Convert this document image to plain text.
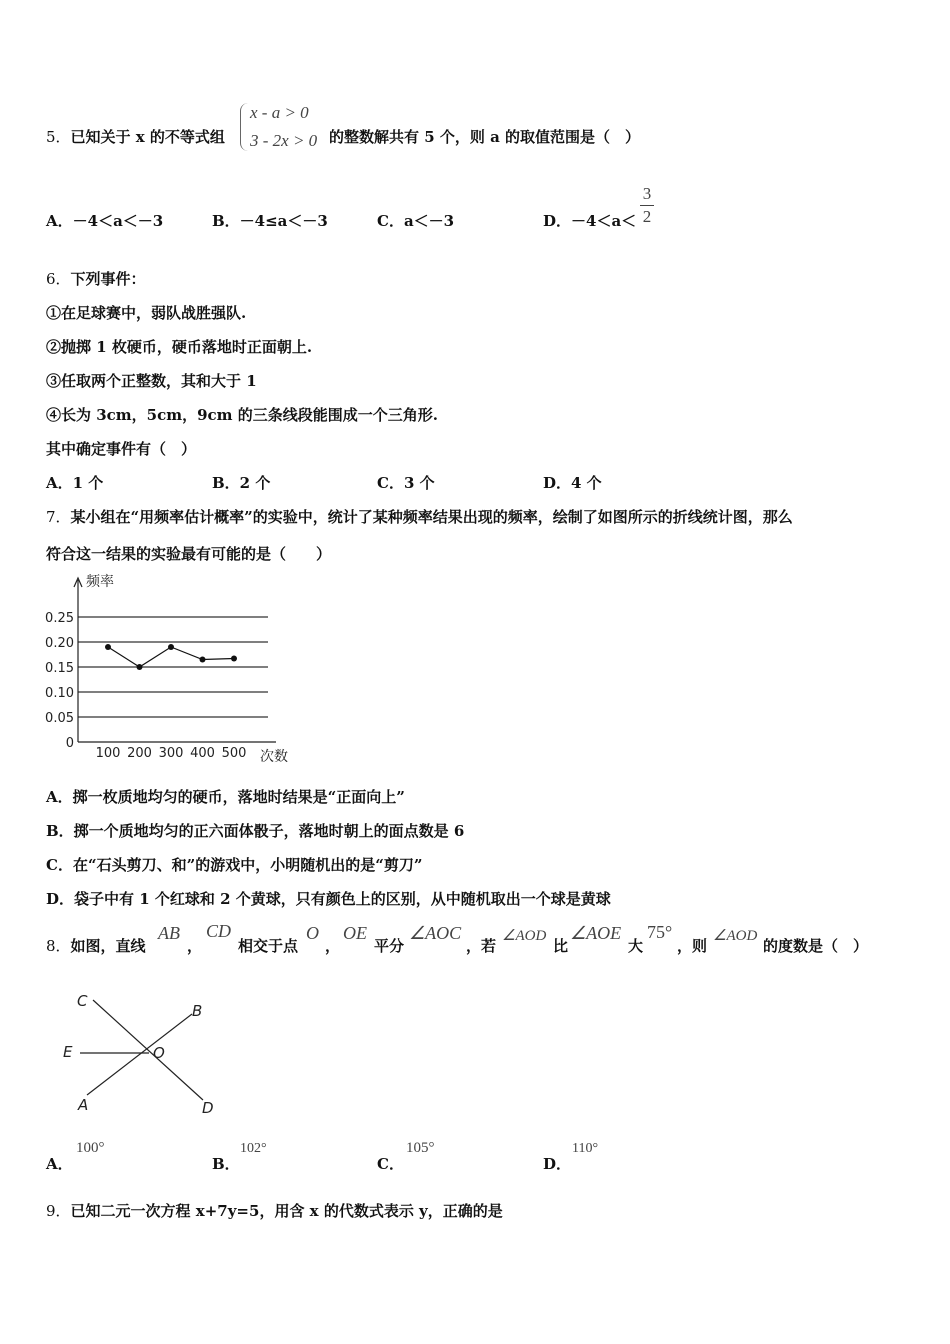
5．已知关于 x 的不等式组
x - a > 0
3 - 2x > 0 的整数解共有 5 个，则 a 的取值范围是（　）
A．－4＜a＜－3	B．－4≤a＜－3	C．a＜－3	D．－4＜a＜
3
2
6．下列事件：
①在足球赛中，弱队战胜强队.
②抛掷 1 枚硬币，硬币落地时正面朝上.
③任取两个正整数，其和大于 1
④长为 3cm，5cm，9cm 的三条线段能围成一个三角形.
其中确定事件有（　）
A．1 个	B．2 个	C．3 个	D．4 个
7．某小组在“用频率估计概率”的实验中，统计了某种频率结果出现的频率，绘制了如图所示的折线统计图，那么
符合这一结果的实验最有可能的是（　　）
0
0.05
0.10
0.15
0.20
0.25
频率
次数
100 200 300 400 500
A．掷一枚质地均匀的硬币，落地时结果是“正面向上”
B．掷一个质地均匀的正六面体骰子，落地时朝上的面点数是 6
C．在“石头剪刀、和”的游戏中，小明随机出的是“剪刀”
D．袋子中有 1 个红球和 2 个黄球，只有颜色上的区别，从中随机取出一个球是黄球
8．如图，直线
AB
，
CD
相交于点
O
，
OE
平分
∠AOC
，若
∠AOD
比
∠AOE
大
75°
，则
∠AOD
的度数是（　）
C
B
E	O
A	D
A．
100°
B．
102°
C．
105°
D．
110°
9．已知二元一次方程 x+7y=5，用含 x 的代数式表示 y，正确的是
